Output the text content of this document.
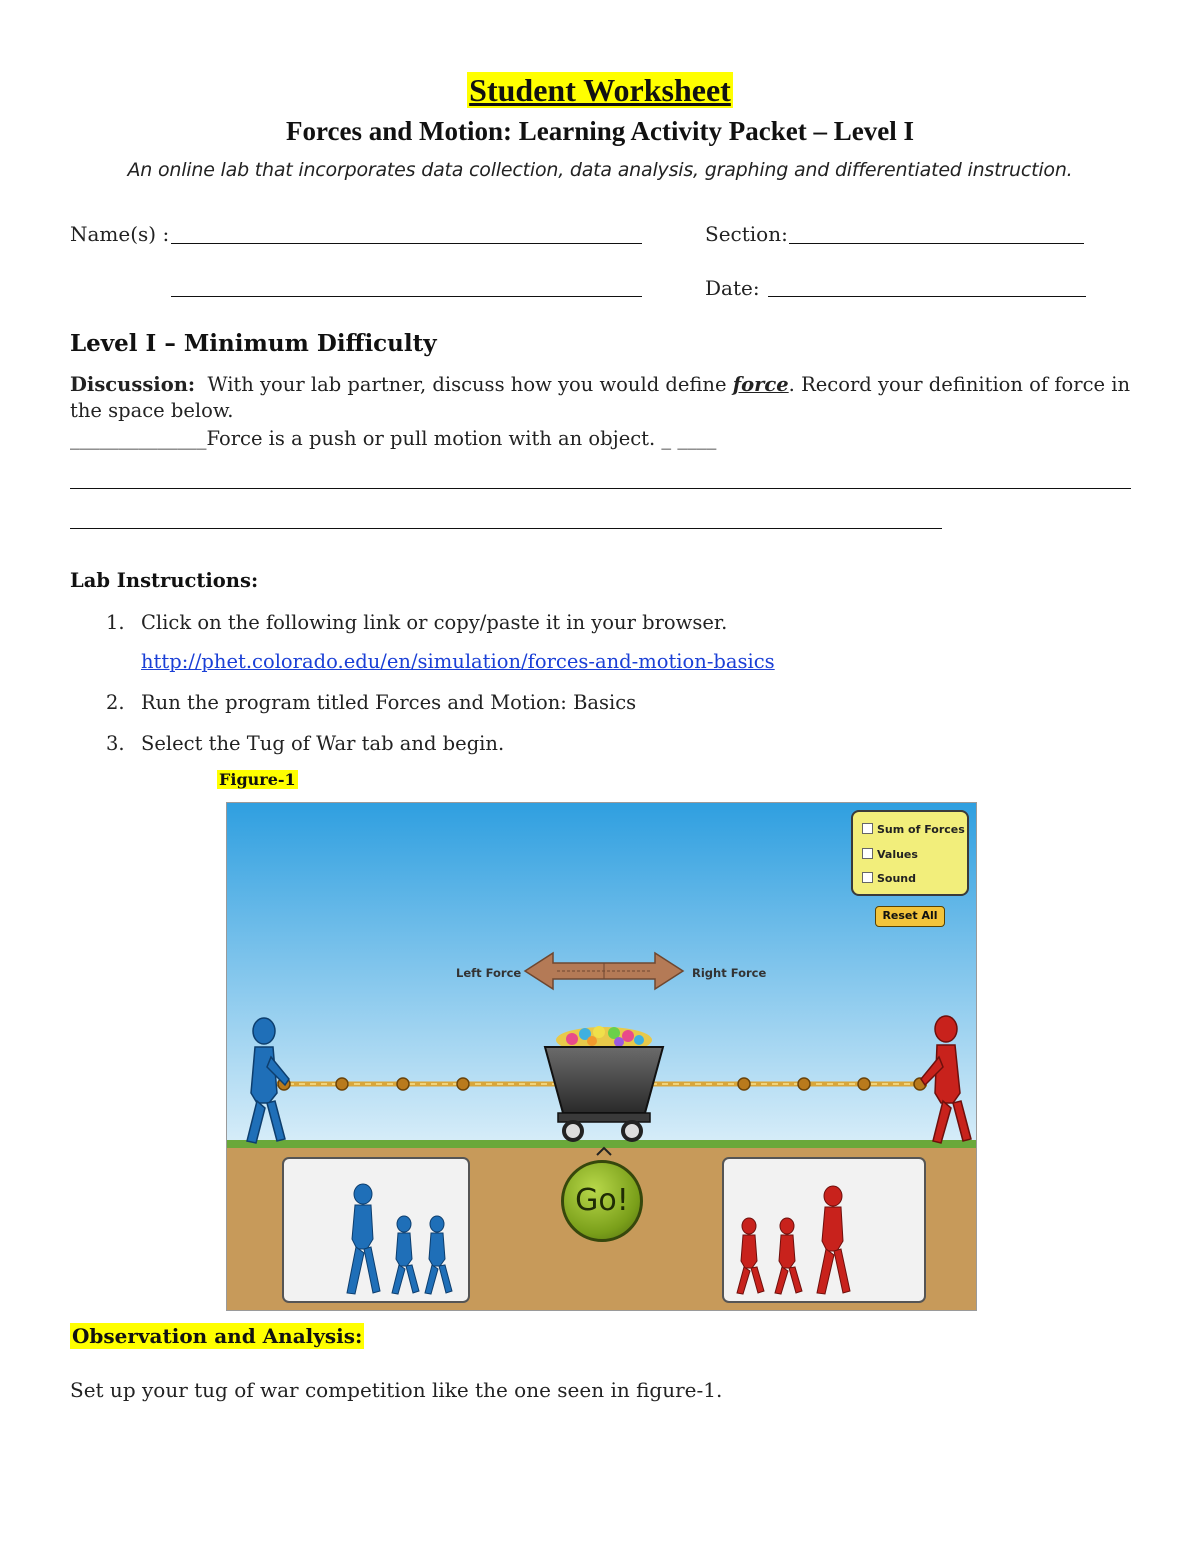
Student Worksheet
Forces and Motion: Learning Activity Packet – Level I
An online lab that incorporates data collection, data analysis, graphing and differentiated instruction.
Name(s) :	Section:
Date:
Level I – Minimum Difficulty
Discussion: With your lab partner, discuss how you would define force. Record your definition of force in the space below.
______________Force is a push or pull motion with an object. _ ____
Lab Instructions:
1. Click on the following link or copy/paste it in your browser.
http://phet.colorado.edu/en/simulation/forces-and-motion-basics
2. Run the program titled Forces and Motion: Basics
3. Select the Tug of War tab and begin.
Figure-1
Left Force	Right Force
Sum of Forces
Values
Sound
Reset All
Go!
Observation and Analysis:
Set up your tug of war competition like the one seen in figure-1.
